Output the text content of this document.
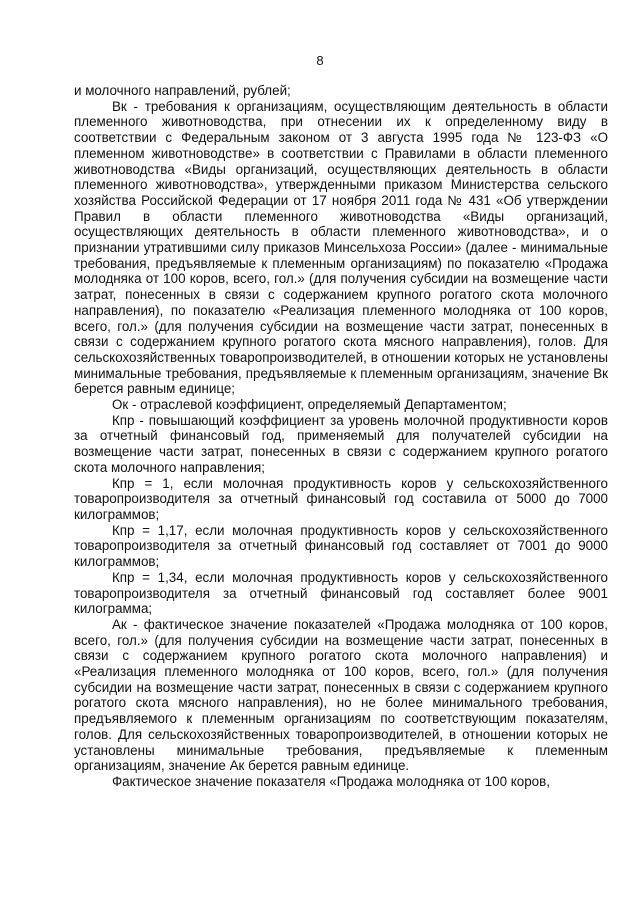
8

и молочного направлений, рублей;

Вк - требования к организациям, осуществляющим деятельность в области племенного животноводства, при отнесении их к определенному виду в соответствии с Федеральным законом от 3 августа 1995 года № 123-ФЗ «О племенном животноводстве» в соответствии с Правилами в области племенного животноводства «Виды организаций, осуществляющих деятельность в области племенного животноводства», утвержденными приказом Министерства сельского хозяйства Российской Федерации от 17 ноября 2011 года № 431 «Об утверждении Правил в области племенного животноводства «Виды организаций, осуществляющих деятельность в области племенного животноводства», и о признании утратившими силу приказов Минсельхоза России» (далее - минимальные требования, предъявляемые к племенным организациям) по показателю «Продажа молодняка от 100 коров, всего, гол.» (для получения субсидии на возмещение части затрат, понесенных в связи с содержанием крупного рогатого скота молочного направления), по показателю «Реализация племенного молодняка от 100 коров, всего, гол.» (для получения субсидии на возмещение части затрат, понесенных в связи с содержанием крупного рогатого скота мясного направления), голов. Для сельскохозяйственных товаропроизводителей, в отношении которых не установлены минимальные требования, предъявляемые к племенным организациям, значение Вк берется равным единице;

Ок - отраслевой коэффициент, определяемый Департаментом;

Кпр - повышающий коэффициент за уровень молочной продуктивности коров за отчетный финансовый год, применяемый для получателей субсидии на возмещение части затрат, понесенных в связи с содержанием крупного рогатого скота молочного направления;

Кпр = 1, если молочная продуктивность коров у сельскохозяйственного товаропроизводителя за отчетный финансовый год составила от 5000 до 7000 килограммов;

Кпр = 1,17, если молочная продуктивность коров у сельскохозяйственного товаропроизводителя за отчетный финансовый год составляет от 7001 до 9000 килограммов;

Кпр = 1,34, если молочная продуктивность коров у сельскохозяйственного товаропроизводителя за отчетный финансовый год составляет более 9001 килограмма;

Ак - фактическое значение показателей «Продажа молодняка от 100 коров, всего, гол.» (для получения субсидии на возмещение части затрат, понесенных в связи с содержанием крупного рогатого скота молочного направления) и «Реализация племенного молодняка от 100 коров, всего, гол.» (для получения субсидии на возмещение части затрат, понесенных в связи с содержанием крупного рогатого скота мясного направления), но не более минимального требования, предъявляемого к племенным организациям по соответствующим показателям, голов. Для сельскохозяйственных товаропроизводителей, в отношении которых не установлены минимальные требования, предъявляемые к племенным организациям, значение Ак берется равным единице.

Фактическое значение показателя «Продажа молодняка от 100 коров,
